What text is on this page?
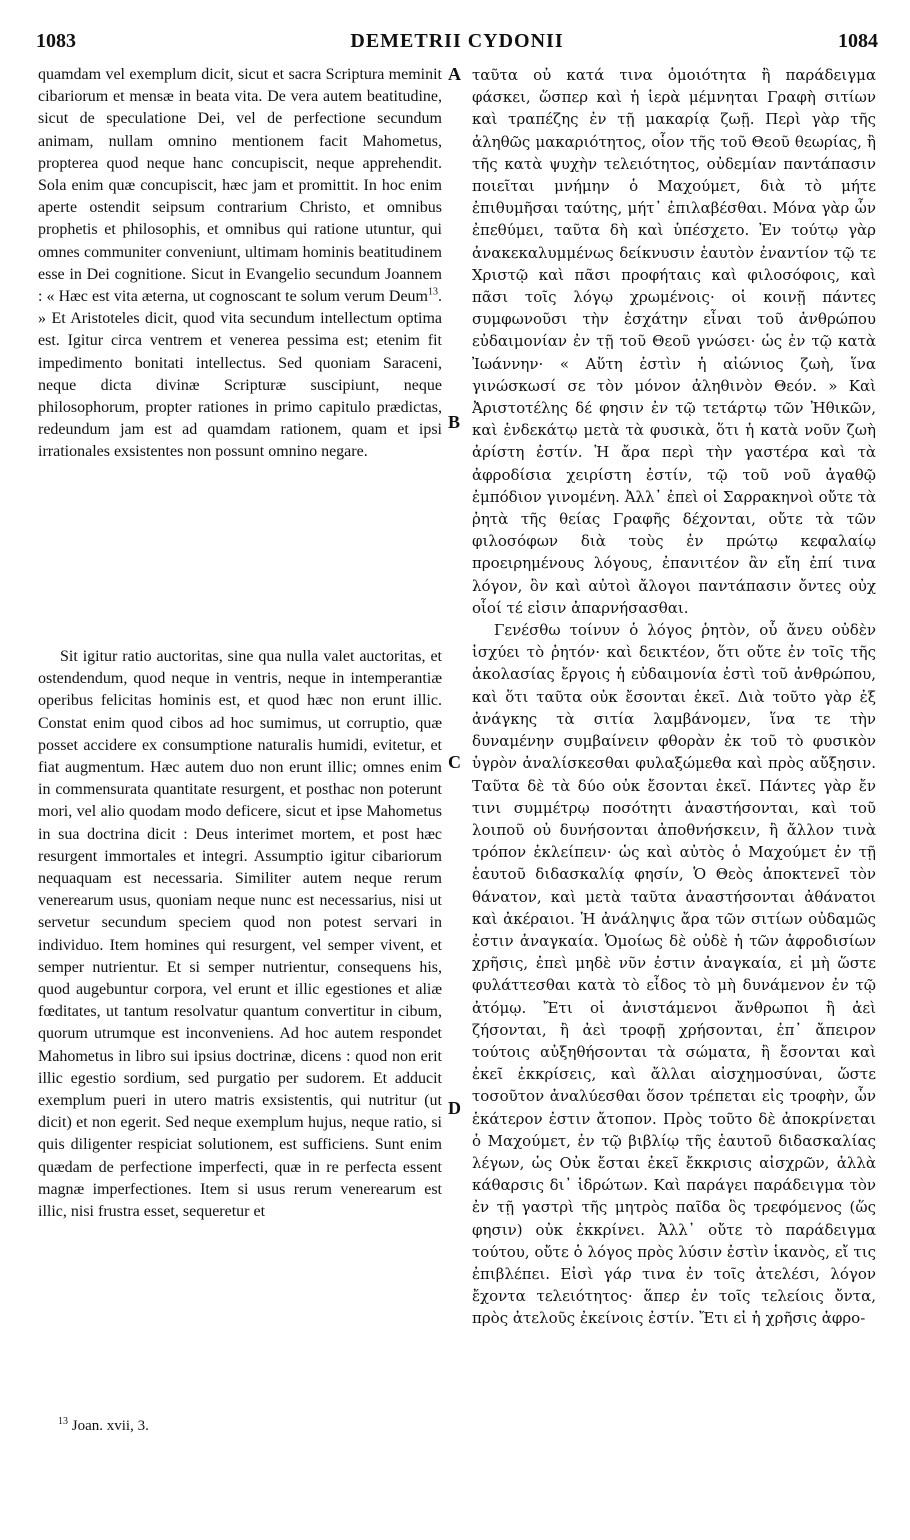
1083	DEMETRII CYDONII	1084

quamdam vel exemplum dicit, sicut et sacra Scriptura meminit cibariorum et mensæ in beata vita. De vera autem beatitudine, sicut de speculatione Dei, vel de perfectione secundum animam, nullam omnino mentionem facit Mahometus, propterea quod neque hanc concupiscit, neque apprehendit. Sola enim quæ concupiscit, hæc jam et promittit. In hoc enim aperte ostendit seipsum contrarium Christo, et omnibus prophetis et philosophis, et omnibus qui ratione utuntur, qui omnes communiter conveniunt, ultimam hominis beatitudinem esse in Dei cognitione. Sicut in Evangelio secundum Joannem : « Hæc est vita æterna, ut cognoscant te solum verum Deum$^{13}$. » Et Aristoteles dicit, quod vita secundum intellectum optima est. Igitur circa ventrem et venerea pessima est; etenim fit impedimento bonitati intellectus. Sed quoniam Saraceni, neque dicta divinæ Scripturæ suscipiunt, neque philosophorum, propter rationes in primo capitulo prædictas, redeundum jam est ad quamdam rationem, quam et ipsi irrationales exsistentes non possunt omnino negare.

Sit igitur ratio auctoritas, sine qua nulla valet auctoritas, et ostendendum, quod neque in ventris, neque in intemperantiæ operibus felicitas hominis est, et quod hæc non erunt illic. Constat enim quod cibos ad hoc sumimus, ut corruptio, quæ posset accidere ex consumptione naturalis humidi, evitetur, et fiat augmentum. Hæc autem duo non erunt illic; omnes enim in commensurata quantitate resurgent, et posthac non poterunt mori, vel alio quodam modo deficere, sicut et ipse Mahometus in sua doctrina dicit : Deus interimet mortem, et post hæc resurgent immortales et integri. Assumptio igitur cibariorum nequaquam est necessaria. Similiter autem neque rerum venerearum usus, quoniam neque nunc est necessarius, nisi ut servetur secundum speciem quod non potest servari in individuo. Item homines qui resurgent, vel semper vivent, et semper nutrientur. Et si semper nutrientur, consequens his, quod augebuntur corpora, vel erunt et illic egestiones et aliæ fœditates, ut tantum resolvatur quantum convertitur in cibum, quorum utrumque est inconveniens. Ad hoc autem respondet Mahometus in libro sui ipsius doctrinæ, dicens : quod non erit illic egestio sordium, sed purgatio per sudorem. Et adducit exemplum pueri in utero matris exsistentis, qui nutritur (ut dicit) et non egerit. Sed neque exemplum hujus, neque ratio, si quis diligenter respiciat solutionem, est sufficiens. Sunt enim quædam de perfectione imperfecti, quæ in re perfecta essent magnæ imperfectiones. Item si usus rerum venerearum est illic, nisi frustra esset, sequeretur et

ταῦτα οὐ κατά τινα ὁμοιότητα ἢ παράδειγμα φάσκει, ὥσπερ καὶ ἡ ἱερὰ μέμνηται Γραφὴ σιτίων καὶ τραπέζης ἐν τῇ μακαρίᾳ ζωῇ. Περὶ γὰρ τῆς ἀληθῶς μακαριότητος, οἷον τῆς τοῦ Θεοῦ θεωρίας, ἢ τῆς κατὰ ψυχὴν τελειότητος, οὐδεμίαν παντάπασιν ποιεῖται μνήμην ὁ Μαχούμετ, διὰ τὸ μήτε ἐπιθυμῆσαι ταύτης, μήτ᾽ ἐπιλαβέσθαι. Μόνα γὰρ ὧν ἐπεθύμει, ταῦτα δὴ καὶ ὑπέσχετο. Ἐν τούτῳ γὰρ ἀνακεκαλυμμένως δείκνυσιν ἑαυτὸν ἐναντίον τῷ τε Χριστῷ καὶ πᾶσι προφήταις καὶ φιλοσόφοις, καὶ πᾶσι τοῖς λόγῳ χρωμένοις· οἱ κοινῇ πάντες συμφωνοῦσι τὴν ἐσχάτην εἶναι τοῦ ἀνθρώπου εὐδαιμονίαν ἐν τῇ τοῦ Θεοῦ γνώσει· ὡς ἐν τῷ κατὰ Ἰωάννην· « Αὕτη ἐστὶν ἡ αἰώνιος ζωὴ, ἵνα γινώσκωσί σε τὸν μόνον ἀληθινὸν Θεόν. » Καὶ Ἀριστοτέλης δέ φησιν ἐν τῷ τετάρτῳ τῶν Ἠθικῶν, καὶ ἑνδεκάτῳ μετὰ τὰ φυσικὰ, ὅτι ἡ κατὰ νοῦν ζωὴ ἀρίστη ἐστίν. Ἡ ἄρα περὶ τὴν γαστέρα καὶ τὰ ἀφροδίσια χειρίστη ἐστίν, τῷ τοῦ νοῦ ἀγαθῷ ἐμπόδιον γινομένη. Ἀλλ᾽ ἐπεὶ οἱ Σαρρακηνοὶ οὔτε τὰ ῥητὰ τῆς θείας Γραφῆς δέχονται, οὔτε τὰ τῶν φιλοσόφων διὰ τοὺς ἐν πρώτῳ κεφαλαίῳ προειρημένους λόγους, ἐπανιτέον ἂν εἴη ἐπί τινα λόγον, ὃν καὶ αὐτοὶ ἄλογοι παντάπασιν ὄντες οὐχ οἷοί τέ εἰσιν ἀπαρνήσασθαι.

Γενέσθω τοίνυν ὁ λόγος ῥητὸν, οὗ ἄνευ οὐδὲν ἰσχύει τὸ ῥητόν· καὶ δεικτέον, ὅτι οὔτε ἐν τοῖς τῆς ἀκολασίας ἔργοις ἡ εὐδαιμονία ἐστὶ τοῦ ἀνθρώπου, καὶ ὅτι ταῦτα οὐκ ἔσονται ἐκεῖ. Διὰ τοῦτο γὰρ ἐξ ἀνάγκης τὰ σιτία λαμβάνομεν, ἵνα τε τὴν δυναμένην συμβαίνειν φθορὰν ἐκ τοῦ τὸ φυσικὸν ὑγρὸν ἀναλίσκεσθαι φυλαξώμεθα καὶ πρὸς αὔξησιν. Ταῦτα δὲ τὰ δύο οὐκ ἔσονται ἐκεῖ. Πάντες γὰρ ἔν τινι συμμέτρῳ ποσότητι ἀναστήσονται, καὶ τοῦ λοιποῦ οὐ δυνήσονται ἀποθνήσκειν, ἢ ἄλλον τινὰ τρόπον ἐκλείπειν· ὡς καὶ αὐτὸς ὁ Μαχούμετ ἐν τῇ ἑαυτοῦ διδασκαλίᾳ φησίν, Ὁ Θεὸς ἀποκτενεῖ τὸν θάνατον, καὶ μετὰ ταῦτα ἀναστήσονται ἀθάνατοι καὶ ἀκέραιοι. Ἡ ἀνάληψις ἄρα τῶν σιτίων οὐδαμῶς ἐστιν ἀναγκαία. Ὁμοίως δὲ οὐδὲ ἡ τῶν ἀφροδισίων χρῆσις, ἐπεὶ μηδὲ νῦν ἐστιν ἀναγκαία, εἰ μὴ ὥστε φυλάττεσθαι κατὰ τὸ εἶδος τὸ μὴ δυνάμενον ἐν τῷ ἀτόμῳ. Ἔτι οἱ ἀνιστάμενοι ἄνθρωποι ἢ ἀεὶ ζήσονται, ἢ ἀεὶ τροφῇ χρήσονται, ἐπ᾽ ἄπειρον τούτοις αὐξηθήσονται τὰ σώματα, ἢ ἔσονται καὶ ἐκεῖ ἐκκρίσεις, καὶ ἄλλαι αἰσχημοσύναι, ὥστε τοσοῦτον ἀναλύεσθαι ὅσον τρέπεται εἰς τροφὴν, ὧν ἑκάτερον ἐστιν ἄτοπον. Πρὸς τοῦτο δὲ ἀποκρίνεται ὁ Μαχούμετ, ἐν τῷ βιβλίῳ τῆς ἑαυτοῦ διδασκαλίας λέγων, ὡς Οὐκ ἔσται ἐκεῖ ἔκκρισις αἰσχρῶν, ἀλλὰ κάθαρσις δι᾽ ἱδρώτων. Καὶ παράγει παράδειγμα τὸν ἐν τῇ γαστρὶ τῆς μητρὸς παῖδα ὃς τρεφόμενος (ὥς φησιν) οὐκ ἐκκρίνει. Ἀλλ᾽ οὔτε τὸ παράδειγμα τούτου, οὔτε ὁ λόγος πρὸς λύσιν ἐστὶν ἱκανὸς, εἴ τις ἐπιβλέπει. Εἰσὶ γάρ τινα ἐν τοῖς ἀτελέσι, λόγον ἔχοντα τελειότητος· ἅπερ ἐν τοῖς τελείοις ὄντα, πρὸς ἀτελοῦς ἐκείνοις ἐστίν. Ἔτι εἰ ἡ χρῆσις ἀφρο-

A
B
C
D
$^{13}$ Joan. xvii, 3.
